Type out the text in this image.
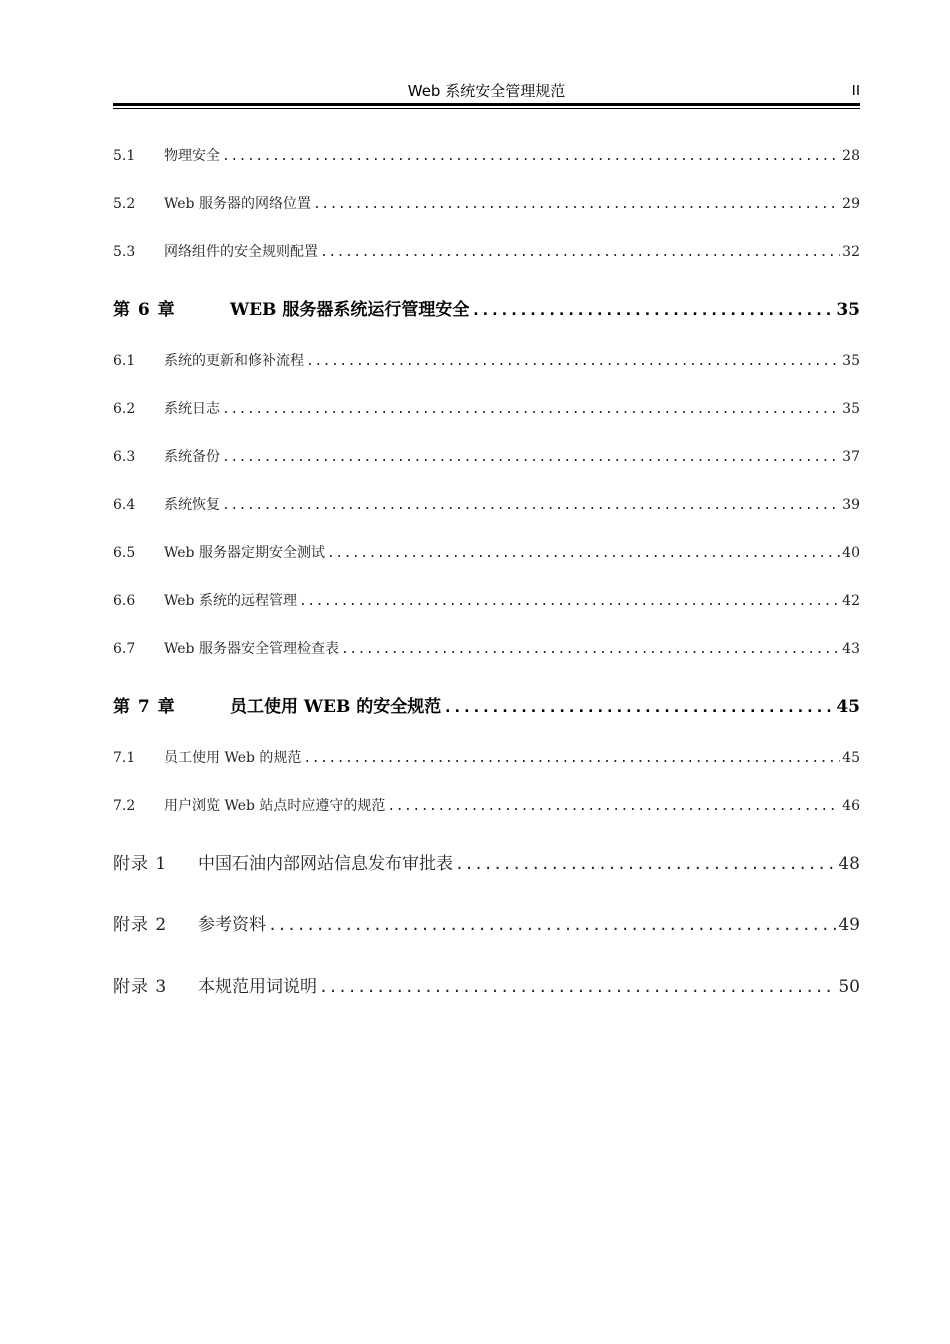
Web 系统安全管理规范	II
5.1	物理安全 .....	28
5.2	Web 服务器的网络位置 .....	29
5.3	网络组件的安全规则配置 .....	32
第 6 章	WEB 服务器系统运行管理安全 .....	35
6.1	系统的更新和修补流程 .....	35
6.2	系统日志 .....	35
6.3	系统备份 .....	37
6.4	系统恢复 .....	39
6.5	Web 服务器定期安全测试 .....	40
6.6	Web 系统的远程管理 .....	42
6.7	Web 服务器安全管理检查表 .....	43
第 7 章	员工使用 WEB 的安全规范 .....	45
7.1	员工使用 Web 的规范 .....	45
7.2	用户浏览 Web 站点时应遵守的规范 .....	46
附录 1	中国石油内部网站信息发布审批表 .....	48
附录 2	参考资料 .....	49
附录 3	本规范用词说明 .....	50
